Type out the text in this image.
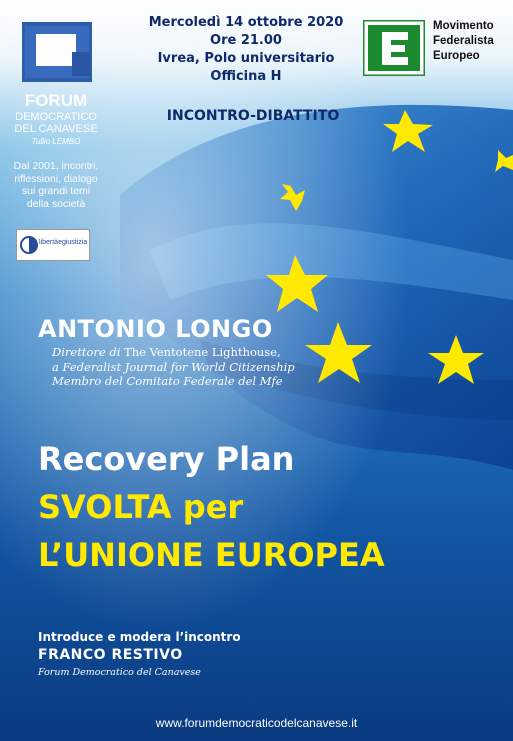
FORUM
DEMOCRATICO
DEL CANAVESE
Tullio LEMBO
Dal 2001, incontri,
riflessioni, dialogo
sui grandi temi
della società
libertàegiustizia
Mercoledì 14 ottobre 2020
Ore 21.00
Ivrea, Polo universitario
Officina H
Movimento
Federalista
Europeo
INCONTRO-DIBATTITO
ANTONIO LONGO
Direttore di The Ventotene Lighthouse,
a Federalist Journal for World Citizenship
Membro del Comitato Federale del Mfe
Recovery Plan
SVOLTA per
L’UNIONE EUROPEA
Introduce e modera l’incontro
FRANCO RESTIVO
Forum Democratico del Canavese
www.forumdemocraticodelcanavese.it
